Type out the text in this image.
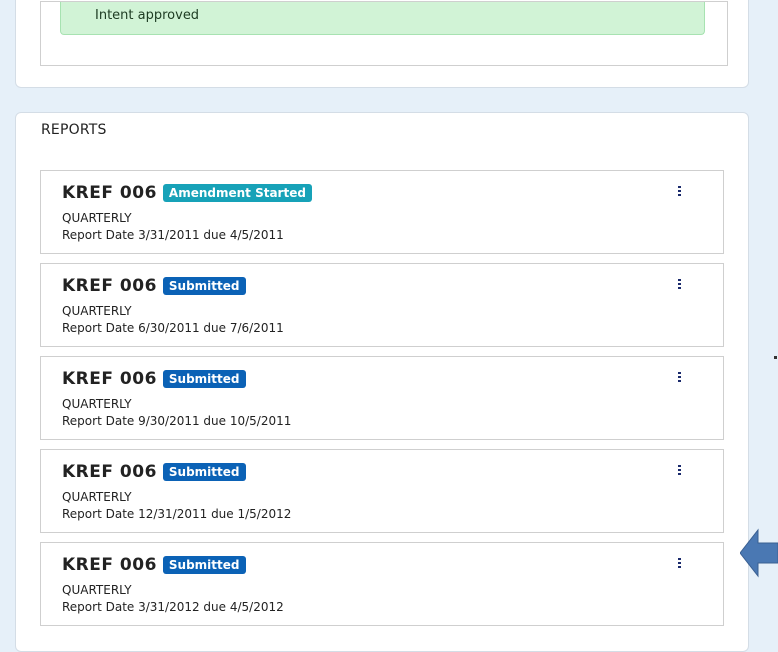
Intent approved
REPORTS
KREF 006	Amendment Started
QUARTERLY
Report Date 3/31/2011 due 4/5/2011
KREF 006	Submitted
QUARTERLY
Report Date 6/30/2011 due 7/6/2011
KREF 006	Submitted
QUARTERLY
Report Date 9/30/2011 due 10/5/2011
KREF 006	Submitted
QUARTERLY
Report Date 12/31/2011 due 1/5/2012
KREF 006	Submitted
QUARTERLY
Report Date 3/31/2012 due 4/5/2012
